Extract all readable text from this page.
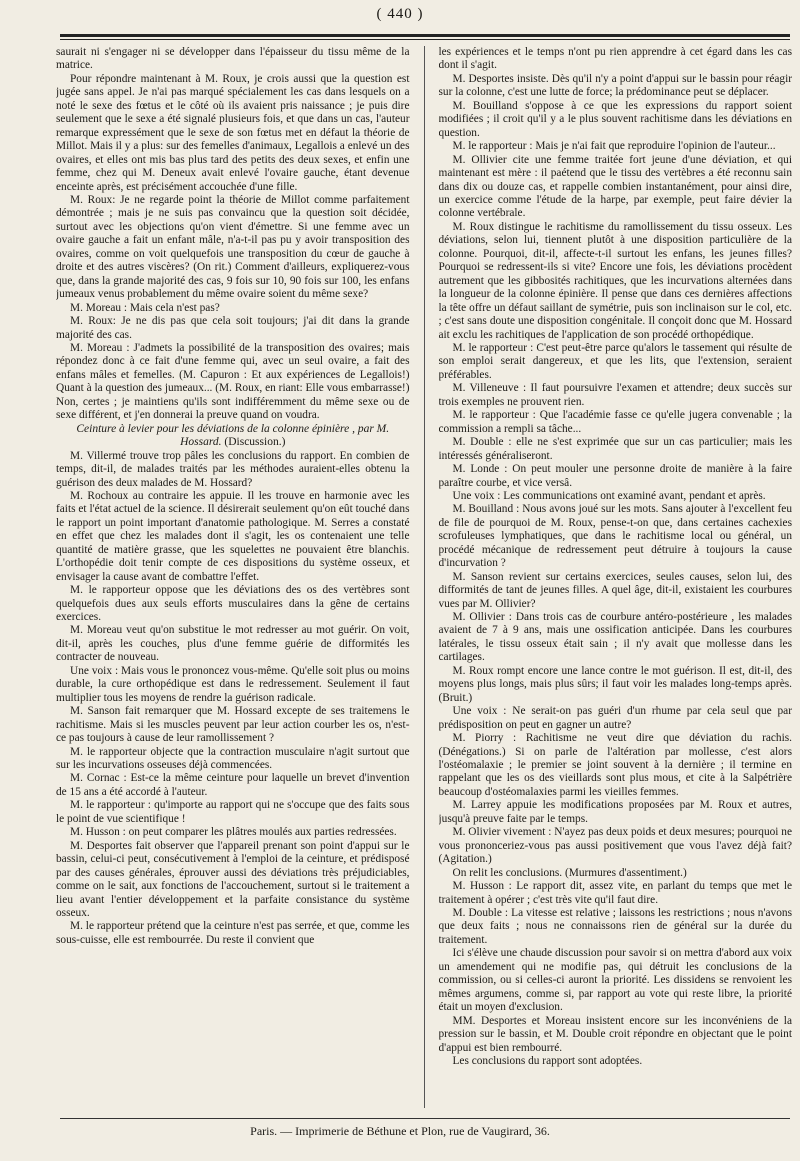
( 440 )

saurait ni s'engager ni se développer dans l'épaisseur du tissu même de la matrice.

Pour répondre maintenant à M. Roux, je crois aussi que la question est jugée sans appel. Je n'ai pas marqué spécialement les cas dans lesquels on a noté le sexe des fœtus et le côté où ils avaient pris naissance ; je puis dire seulement que le sexe a été signalé plusieurs fois, et que dans un cas, l'auteur remarque expressément que le sexe de son fœtus met en défaut la théorie de Millot. Mais il y a plus: sur des femelles d'animaux, Legallois a enlevé un des ovaires, et elles ont mis bas plus tard des petits des deux sexes, et enfin une femme, chez qui M. Deneux avait enlevé l'ovaire gauche, étant devenue enceinte après, est précisément accouchée d'une fille.

M. Roux: Je ne regarde point la théorie de Millot comme parfaitement démontrée ; mais je ne suis pas convaincu que la question soit décidée, surtout avec les objections qu'on vient d'émettre. Si une femme avec un ovaire gauche a fait un enfant mâle, n'a-t-il pas pu y avoir transposition des ovaires, comme on voit quelquefois une transposition du cœur de gauche à droite et des autres viscères? (On rit.) Comment d'ailleurs, expliquerez-vous que, dans la grande majorité des cas, 9 fois sur 10, 90 fois sur 100, les enfans jumeaux venus probablement du même ovaire soient du même sexe?

M. Moreau : Mais cela n'est pas?

M. Roux: Je ne dis pas que cela soit toujours; j'ai dit dans la grande majorité des cas.

M. Moreau : J'admets la possibilité de la transposition des ovaires; mais répondez donc à ce fait d'une femme qui, avec un seul ovaire, a fait des enfans mâles et femelles. (M. Capuron : Et aux expériences de Legallois!) Quant à la question des jumeaux... (M. Roux, en riant: Elle vous embarrasse!) Non, certes ; je maintiens qu'ils sont indifféremment du même sexe ou de sexe différent, et j'en donnerai la preuve quand on voudra.

Ceinture à levier pour les déviations de la colonne épinière , par M. Hossard. (Discussion.)

M. Villermé trouve trop pâles les conclusions du rapport. En combien de temps, dit-il, de malades traités par les méthodes auraient-elles obtenu la guérison des deux malades de M. Hossard?

M. Rochoux au contraire les appuie. Il les trouve en harmonie avec les faits et l'état actuel de la science. Il désirerait seulement qu'on eût touché dans le rapport un point important d'anatomie pathologique. M. Serres a constaté en effet que chez les malades dont il s'agit, les os contenaient une telle quantité de matière grasse, que les squelettes ne pouvaient être blanchis. L'orthopédie doit tenir compte de ces dispositions du système osseux, et envisager la cause avant de combattre l'effet.

M. le rapporteur oppose que les déviations des os des vertèbres sont quelquefois dues aux seuls efforts musculaires dans la gêne de certains exercices.

M. Moreau veut qu'on substitue le mot redresser au mot guérir. On voit, dit-il, après les couches, plus d'une femme guérie de difformités les contracter de nouveau.

Une voix : Mais vous le prononcez vous-même. Qu'elle soit plus ou moins durable, la cure orthopédique est dans le redressement. Seulement il faut multiplier tous les moyens de rendre la guérison radicale.

M. Sanson fait remarquer que M. Hossard excepte de ses traitemens le rachitisme. Mais si les muscles peuvent par leur action courber les os, n'est-ce pas toujours à cause de leur ramollissement ?

M. le rapporteur objecte que la contraction musculaire n'agit surtout que sur les incurvations osseuses déjà commencées.

M. Cornac : Est-ce la même ceinture pour laquelle un brevet d'invention de 15 ans a été accordé à l'auteur.

M. le rapporteur : qu'importe au rapport qui ne s'occupe que des faits sous le point de vue scientifique !

M. Husson : on peut comparer les plâtres moulés aux parties redressées.

M. Desportes fait observer que l'appareil prenant son point d'appui sur le bassin, celui-ci peut, consécutivement à l'emploi de la ceinture, et prédisposé par des causes générales, éprouver aussi des déviations très préjudiciables, comme on le sait, aux fonctions de l'accouchement, surtout si le traitement a lieu avant l'entier développement et la parfaite consistance du système osseux.

M. le rapporteur prétend que la ceinture n'est pas serrée, et que, comme les sous-cuisse, elle est rembourrée. Du reste il convient que

les expériences et le temps n'ont pu rien apprendre à cet égard dans les cas dont il s'agit.

M. Desportes insiste. Dès qu'il n'y a point d'appui sur le bassin pour réagir sur la colonne, c'est une lutte de force; la prédominance peut se déplacer.

M. Bouilland s'oppose à ce que les expressions du rapport soient modifiées ; il croit qu'il y a le plus souvent rachitisme dans les déviations en question.

M. le rapporteur : Mais je n'ai fait que reproduire l'opinion de l'auteur...

M. Ollivier cite une femme traitée fort jeune d'une déviation, et qui maintenant est mère : il paétend que le tissu des vertèbres a été reconnu sain dans dix ou douze cas, et rappelle combien instantanément, pour ainsi dire, un exercice comme l'étude de la harpe, par exemple, peut faire dévier la colonne vertébrale.

M. Roux distingue le rachitisme du ramollissement du tissu osseux. Les déviations, selon lui, tiennent plutôt à une disposition particulière de la colonne. Pourquoi, dit-il, affecte-t-il surtout les enfans, les jeunes filles? Pourquoi se redressent-ils si vite? Encore une fois, les déviations procèdent autrement que les gibbosités rachitiques, que les incurvations alternées dans la longueur de la colonne épinière. Il pense que dans ces dernières affections la tête offre un défaut saillant de symétrie, puis son inclinaison sur le col, etc. ; c'est sans doute une disposition congénitale. Il conçoit donc que M. Hossard ait exclu les rachitiques de l'application de son procédé orthopédique.

M. le rapporteur : C'est peut-être parce qu'alors le tassement qui résulte de son emploi serait dangereux, et que les lits, que l'extension, seraient préférables.

M. Villeneuve : Il faut poursuivre l'examen et attendre; deux succès sur trois exemples ne prouvent rien.

M. le rapporteur : Que l'académie fasse ce qu'elle jugera convenable ; la commission a rempli sa tâche...

M. Double : elle ne s'est exprimée que sur un cas particulier; mais les intéressés généraliseront.

M. Londe : On peut mouler une personne droite de manière à la faire paraître courbe, et vice versâ.

Une voix : Les communications ont examiné avant, pendant et après.

M. Bouilland : Nous avons joué sur les mots. Sans ajouter à l'excellent feu de file de pourquoi de M. Roux, pense-t-on que, dans certaines cachexies scrofuleuses lymphatiques, que dans le rachitisme local ou général, un procédé mécanique de redressement peut détruire à toujours la cause d'incurvation ?

M. Sanson revient sur certains exercices, seules causes, selon lui, des difformités de tant de jeunes filles. A quel âge, dit-il, existaient les courbures vues par M. Ollivier?

M. Ollivier : Dans trois cas de courbure antéro-postérieure , les malades avaient de 7 à 9 ans, mais une ossification anticipée. Dans les courbures latérales, le tissu osseux était sain ; il n'y avait que mollesse dans les cartilages.

M. Roux rompt encore une lance contre le mot guérison. Il est, dit-il, des moyens plus longs, mais plus sûrs; il faut voir les malades long-temps après. (Bruit.)

Une voix : Ne serait-on pas guéri d'un rhume par cela seul que par prédisposition on peut en gagner un autre?

M. Piorry : Rachitisme ne veut dire que déviation du rachis. (Dénégations.) Si on parle de l'altération par mollesse, c'est alors l'ostéomalaxie ; le premier se joint souvent à la dernière ; il termine en rappelant que les os des vieillards sont plus mous, et cite à la Salpétrière beaucoup d'ostéomalaxies parmi les vieilles femmes.

M. Larrey appuie les modifications proposées par M. Roux et autres, jusqu'à preuve faite par le temps.

M. Olivier vivement : N'ayez pas deux poids et deux mesures; pourquoi ne vous prononceriez-vous pas aussi positivement que vous l'avez déjà fait? (Agitation.)

On relit les conclusions. (Murmures d'assentiment.)

M. Husson : Le rapport dit, assez vite, en parlant du temps que met le traitement à opérer ; c'est très vite qu'il faut dire.

M. Double : La vitesse est relative ; laissons les restrictions ; nous n'avons que deux faits ; nous ne connaissons rien de général sur la durée du traitement.

Ici s'élève une chaude discussion pour savoir si on mettra d'abord aux voix un amendement qui ne modifie pas, qui détruit les conclusions de la commission, ou si celles-ci auront la priorité. Les dissidens se renvoient les mêmes argumens, comme si, par rapport au vote qui reste libre, la priorité était un moyen d'exclusion.

MM. Desportes et Moreau insistent encore sur les inconvéniens de la pression sur le bassin, et M. Double croit répondre en objectant que le point d'appui est bien rembourré.

Les conclusions du rapport sont adoptées.

Paris. — Imprimerie de Béthune et Plon, rue de Vaugirard, 36.
